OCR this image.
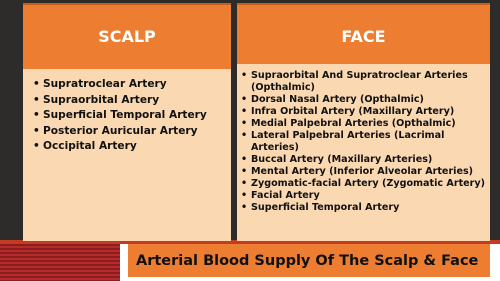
SCALP	FACE
• Supratroclear Artery
• Supraorbital Artery
• Superficial Temporal Artery
• Posterior Auricular Artery
• Occipital Artery
• Supraorbital And Supratroclear Arteries
(Opthalmic)
• Dorsal Nasal Artery (Opthalmic)
• Infra Orbital Artery (Maxillary Artery)
• Medial Palpebral Arteries (Opthalmic)
• Lateral Palpebral Arteries (Lacrimal Arteries)
• Buccal Artery (Maxillary Arteries)
• Mental Artery (Inferior Alveolar Arteries)
• Zygomatic-facial Artery (Zygomatic Artery)
• Facial Artery
• Superficial Temporal Artery
Arterial Blood Supply Of The Scalp & Face
